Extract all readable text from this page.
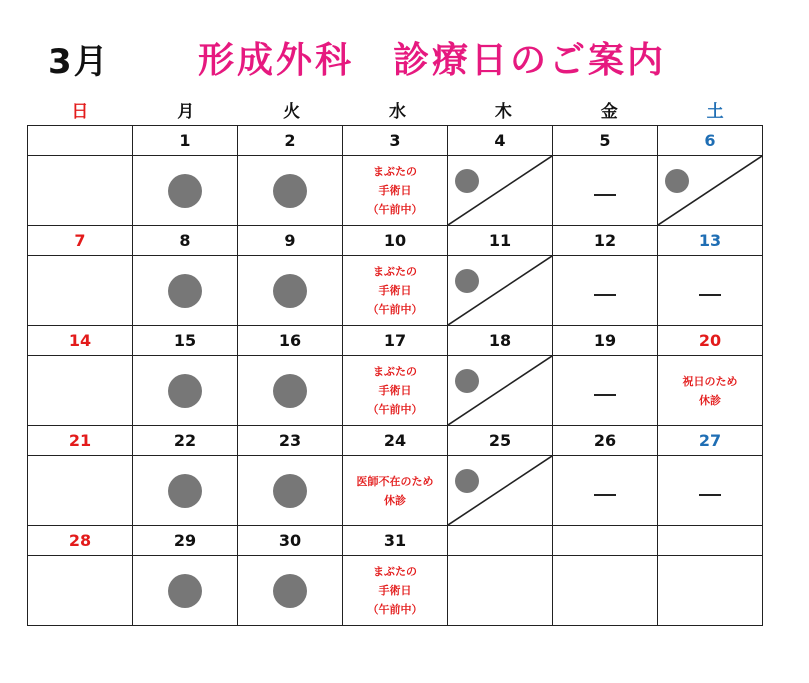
3月 形成外科　診療日のご案内
日	月	火	水	木	金	土
	1	2	3	4	5	6

			まぶたの
手術日
（午前中）

7	8	9	10	11	12	13

			まぶたの
手術日
（午前中）

14	15	16	17	18	19	20

			まぶたの
手術日
（午前中）			祝日のため
休診

21	22	23	24	25	26	27

			医師不在のため
休診

28	29	30	31			

			まぶたの
手術日
（午前中）			
